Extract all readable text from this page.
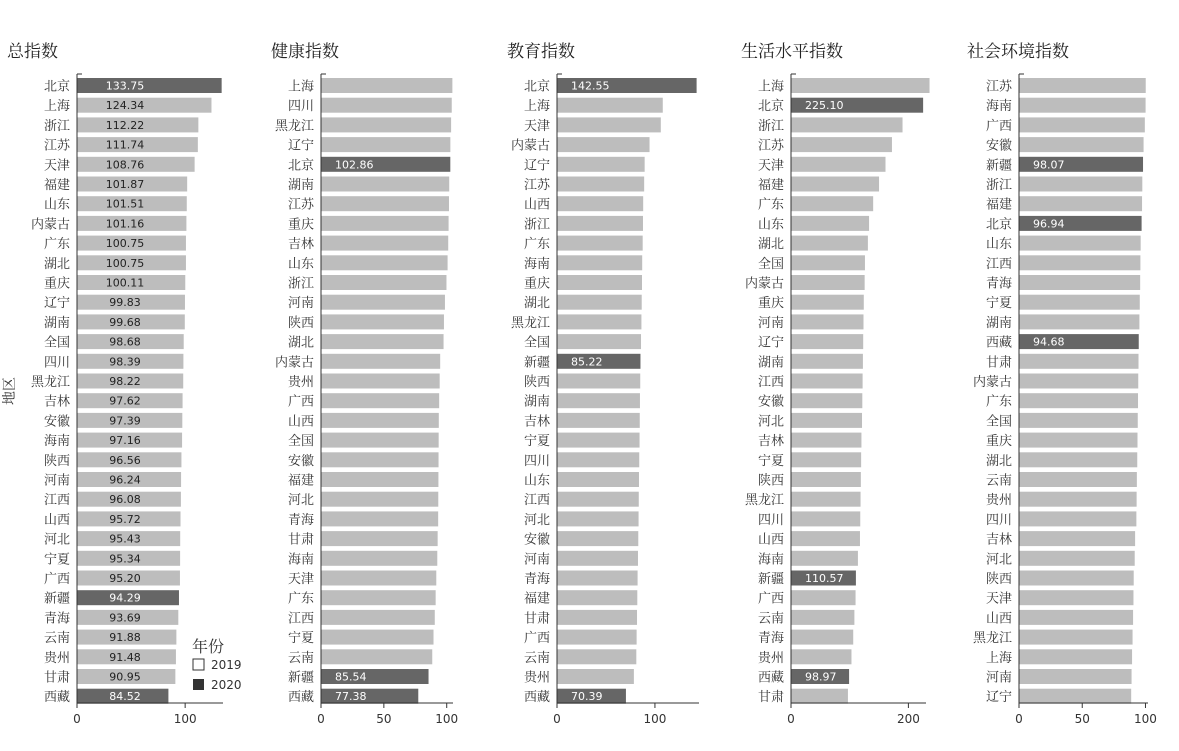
地区
年份
2019
2020
总指数
北京	133.75
上海	124.34
浙江	112.22
江苏	111.74
天津	108.76
福建	101.87
山东	101.51
内蒙古	101.16
广东	100.75
湖北	100.75
重庆	100.11
辽宁	99.83
湖南	99.68
全国	98.68
四川	98.39
黑龙江	98.22
吉林	97.62
安徽	97.39
海南	97.16
陕西	96.56
河南	96.24
江西	96.08
山西	95.72
河北	95.43
宁夏	95.34
广西	95.20
新疆	94.29
青海	93.69
云南	91.88
贵州	91.48
甘肃	90.95
西藏	84.52
0	100
健康指数
上海
四川
黑龙江
辽宁
北京 102.86
湖南
江苏
重庆
吉林
山东
浙江
河南
陕西
湖北
内蒙古
贵州
广西
山西
全国
安徽
福建
河北
青海
甘肃
海南
天津
广东
江西
宁夏
云南
新疆 85.54
西藏 77.38
0	50	100
教育指数
北京 142.55
上海
天津
内蒙古
辽宁
江苏
山西
浙江
广东
海南
重庆
湖北
黑龙江
全国
新疆 85.22
陕西
湖南
吉林
宁夏
四川
山东
江西
河北
安徽
河南
青海
福建
甘肃
广西
云南
贵州
西藏 70.39
0	100
生活水平指数
上海
北京 225.10
浙江
江苏
天津
福建
广东
山东
湖北
全国
内蒙古
重庆
河南
辽宁
湖南
江西
安徽
河北
吉林
宁夏
陕西
黑龙江
四川
山西
海南
新疆 110.57
广西
云南
青海
贵州
西藏 98.97
甘肃
0	200
社会环境指数
江苏
海南
广西
安徽
新疆 98.07
浙江
福建
北京 96.94
山东
江西
青海
宁夏
湖南
西藏 94.68
甘肃
内蒙古
广东
全国
重庆
湖北
云南
贵州
四川
吉林
河北
陕西
天津
山西
黑龙江
上海
河南
辽宁
0	50	100
